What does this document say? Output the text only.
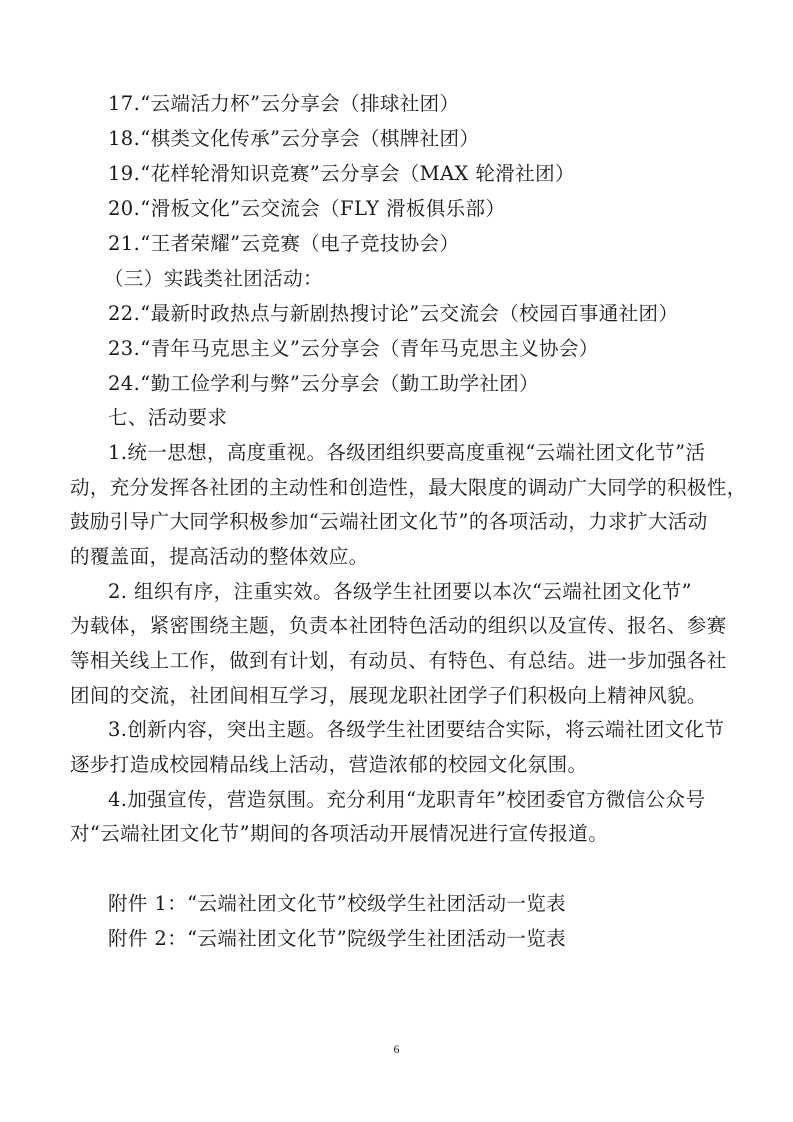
17.“云端活力杯”云分享会（排球社团）
18.“棋类文化传承”云分享会（棋牌社团）
19.“花样轮滑知识竞赛”云分享会（MAX 轮滑社团）
20.“滑板文化”云交流会（FLY 滑板俱乐部）
21.“王者荣耀”云竞赛（电子竞技协会）
（三）实践类社团活动：
22.“最新时政热点与新剧热搜讨论”云交流会（校园百事通社团）
23.“青年马克思主义”云分享会（青年马克思主义协会）
24.“勤工俭学利与弊”云分享会（勤工助学社团）
七、活动要求
1.统一思想，高度重视。各级团组织要高度重视“云端社团文化节”活
动，充分发挥各社团的主动性和创造性，最大限度的调动广大同学的积极性，
鼓励引导广大同学积极参加“云端社团文化节”的各项活动，力求扩大活动
的覆盖面，提高活动的整体效应。
2. 组织有序，注重实效。各级学生社团要以本次“云端社团文化节”
为载体，紧密围绕主题，负责本社团特色活动的组织以及宣传、报名、参赛
等相关线上工作，做到有计划，有动员、有特色、有总结。进一步加强各社
团间的交流，社团间相互学习，展现龙职社团学子们积极向上精神风貌。
3.创新内容，突出主题。各级学生社团要结合实际，将云端社团文化节
逐步打造成校园精品线上活动，营造浓郁的校园文化氛围。
4.加强宣传，营造氛围。充分利用“龙职青年”校团委官方微信公众号
对“云端社团文化节”期间的各项活动开展情况进行宣传报道。
附件 1：“云端社团文化节”校级学生社团活动一览表
附件 2：“云端社团文化节”院级学生社团活动一览表
6
